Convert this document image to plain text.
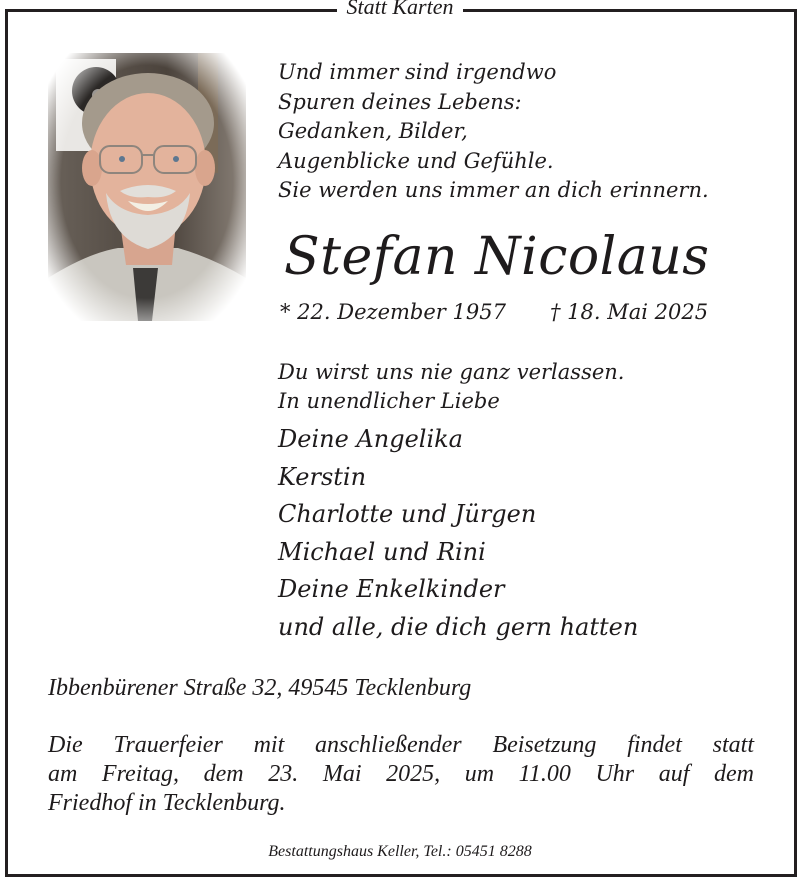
Statt Karten
Und immer sind irgendwo
Spuren deines Lebens:
Gedanken, Bilder,
Augenblicke und Gefühle.
Sie werden uns immer an dich erinnern.
Stefan Nicolaus
* 22. Dezember 1957 † 18. Mai 2025
Du wirst uns nie ganz verlassen.
In unendlicher Liebe
Deine Angelika
Kerstin
Charlotte und Jürgen
Michael und Rini
Deine Enkelkinder
und alle, die dich gern hatten
Ibbenbürener Straße 32, 49545 Tecklenburg
Die Trauerfeier mit anschließender Beisetzung findet statt
am Freitag, dem 23. Mai 2025, um 11.00 Uhr auf dem
Friedhof in Tecklenburg.
Bestattungshaus Keller, Tel.: 05451 8288
